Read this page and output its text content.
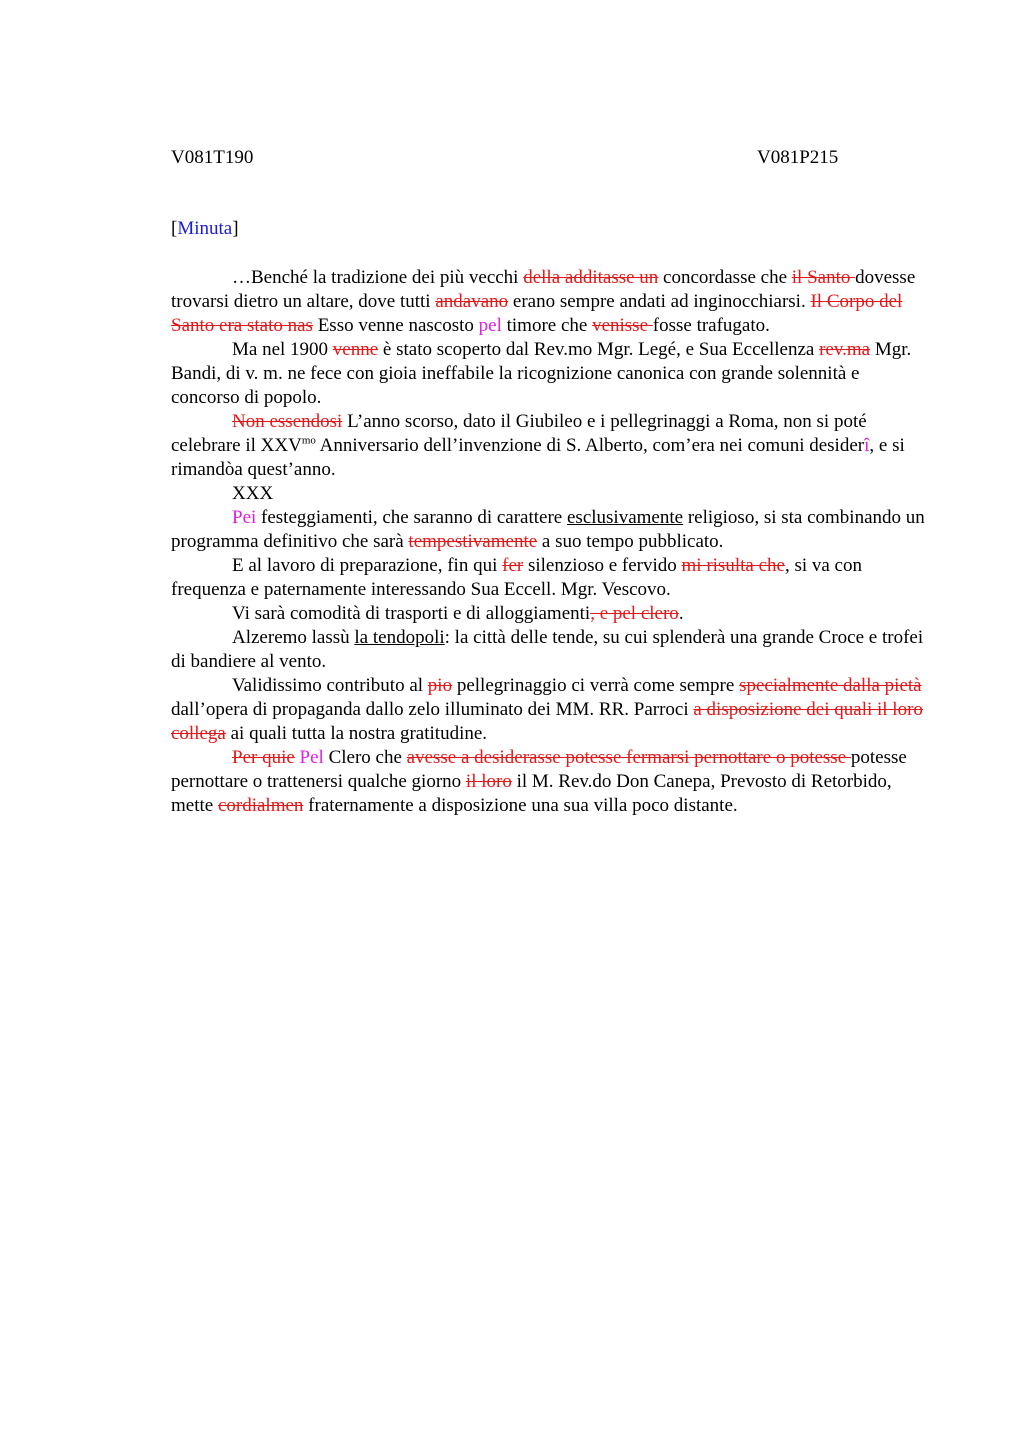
V081T190	V081P215
[Minuta]

…Benché la tradizione dei più vecchi della additasse un concordasse che il Santo dovesse trovarsi dietro un altare, dove tutti andavano erano sempre andati ad inginocchiarsi. Il Corpo del Santo era stato nas Esso venne nascosto pel timore che venisse fosse trafugato.

Ma nel 1900 venne è stato scoperto dal Rev.mo Mgr. Legé, e Sua Eccellenza rev.ma Mgr. Bandi, di v. m. ne fece con gioia ineffabile la ricognizione canonica con grande solennità e concorso di popolo.

Non essendosi L’anno scorso, dato il Giubileo e i pellegrinaggi a Roma, non si poté celebrare il $XXV^{mo}$ Anniversario dell’invenzione di S. Alberto, com’era nei comuni desiderî, e si rimandòa quest’anno.

XXX

Pei festeggiamenti, che saranno di carattere esclusivamente religioso, si sta combinando un programma definitivo che sarà tempestivamente a suo tempo pubblicato.

E al lavoro di preparazione, fin qui fer silenzioso e fervido mi risulta che, si va con frequenza e paternamente interessando Sua Eccell. Mgr. Vescovo.

Vi sarà comodità di trasporti e di alloggiamenti, e pel clero.

Alzeremo lassù la tendopoli: la città delle tende, su cui splenderà una grande Croce e trofei di bandiere al vento.

Validissimo contributo al pio pellegrinaggio ci verrà come sempre specialmente dalla pietà dall’opera di propaganda dallo zelo illuminato dei MM. RR. Parroci a disposizione dei quali il loro collega ai quali tutta la nostra gratitudine.

Per quie Pel Clero che avesse a desiderasse potesse fermarsi pernottare o potesse potesse pernottare o trattenersi qualche giorno il loro il M. Rev.do Don Canepa, Prevosto di Retorbido, mette cordialmen fraternamente a disposizione una sua villa poco distante.
